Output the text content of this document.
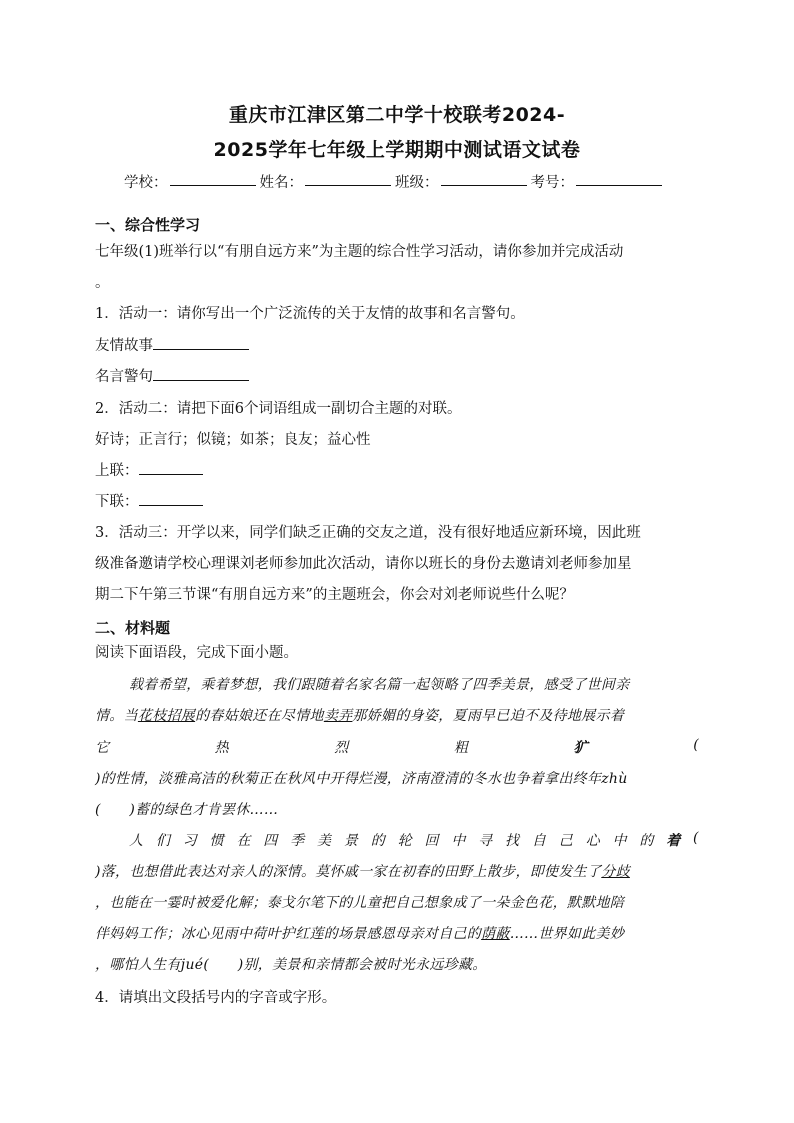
重庆市江津区第二中学十校联考2024-
2025学年七年级上学期期中测试语文试卷
学校：	姓名：	班级：	考号：
一、综合性学习
七年级(1)班举行以“有朋自远方来”为主题的综合性学习活动，请你参加并完成活动
。
1．活动一：请你写出一个广泛流传的关于友情的故事和名言警句。
友情故事
名言警句
2．活动二：请把下面6个词语组成一副切合主题的对联。
好诗；正言行；似镜；如茶；良友；益心性
上联：
下联：
3．活动三：开学以来，同学们缺乏正确的交友之道，没有很好地适应新环境，因此班
级准备邀请学校心理课刘老师参加此次活动，请你以班长的身份去邀请刘老师参加星
期二下午第三节课“有朋自远方来”的主题班会，你会对刘老师说些什么呢？
二、材料题
阅读下面语段，完成下面小题。
载着希望，乘着梦想，我们跟随着名家名篇一起领略了四季美景，感受了世间亲
情。当花枝招展的春姑娘还在尽情地卖弄那娇媚的身姿，夏雨早已迫不及待地展示着
它	热	烈	粗	犷	(
)的性情，淡雅高洁的秋菊正在秋风中开得烂漫，济南澄清的冬水也争着拿出终年zhù
(　　)蓄的绿色才肯罢休……
人 们 习 惯 在 四 季 美 景 的 轮 回 中 寻 找 自 己 心 中 的 着 (
)落，也想借此表达对亲人的深情。莫怀戚一家在初春的田野上散步，即使发生了分歧
，也能在一霎时被爱化解；泰戈尔笔下的儿童把自己想象成了一朵金色花，默默地陪
伴妈妈工作；冰心见雨中荷叶护红莲的场景感恩母亲对自己的荫蔽……世界如此美妙
，哪怕人生有jué(　　)别，美景和亲情都会被时光永远珍藏。
4．请填出文段括号内的字音或字形。
